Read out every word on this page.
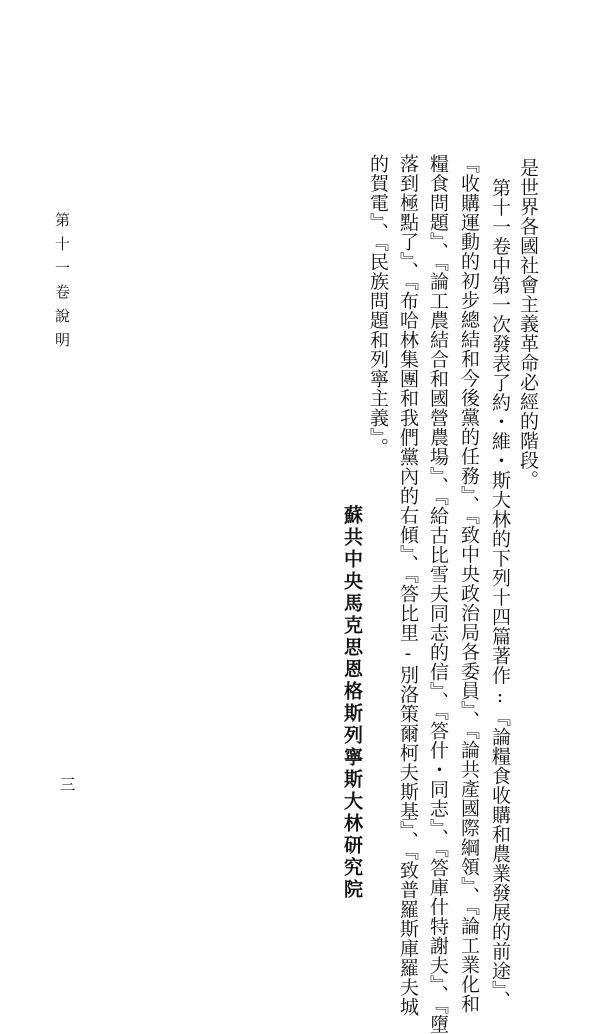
第十一卷說明
三
是世界各國社會主義革命必經的階段。
第十一卷中第一次發表了約・維・斯大林的下列十四篇著作:『論糧食收購和農業發展的前途』、
『收購運動的初步總結和今後黨的任務』、『致中央政治局各委員』、『論共產國際綱領』、『論工業化和
糧食問題』、『論工農結合和國營農場』、『給古比雪夫同志的信』、『答什・同志』、『答庫什特謝夫』、『墮
落到極點了』、『布哈林集團和我們黨內的右傾』、『答比里-別洛策爾柯夫斯基』、『致普羅斯庫羅夫城
的賀電』、『民族問題和列寧主義』。
蘇共中央馬克思恩格斯列寧斯大林研究院
